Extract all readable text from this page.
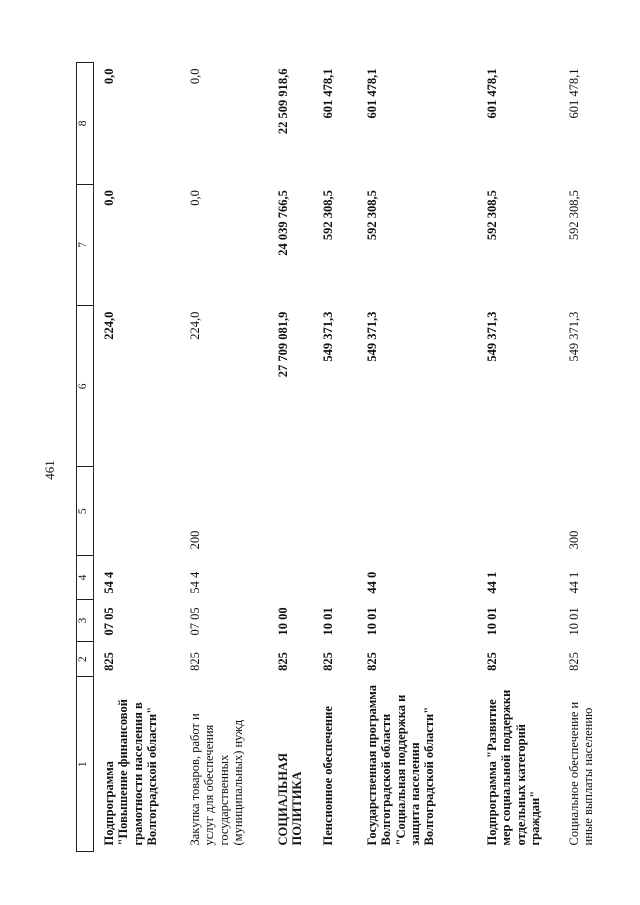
461
1	2	3	4	5	6	7	8
Подпрограмма "Повышение финансовой грамотности населения в Волгоградской области"	825	07 05	54 4		224,0	0,0	0,0
Закупка товаров, работ и услуг для обеспечения государственных (муниципальных) нужд	825	07 05	54 4	200	224,0	0,0	0,0
СОЦИАЛЬНАЯ ПОЛИТИКА	825	10 00			27 709 081,9	24 039 766,5	22 509 918,6
Пенсионное обеспечение	825	10 01			549 371,3	592 308,5	601 478,1
Государственная программа Волгоградской области "Социальная поддержка и защита населения Волгоградской области"	825	10 01	44 0		549 371,3	592 308,5	601 478,1
Подпрограмма "Развитие мер социальной поддержки отдельных категорий граждан"	825	10 01	44 1		549 371,3	592 308,5	601 478,1
Социальное обеспечение и иные выплаты населению	825	10 01	44 1	300	549 371,3	592 308,5	601 478,1
